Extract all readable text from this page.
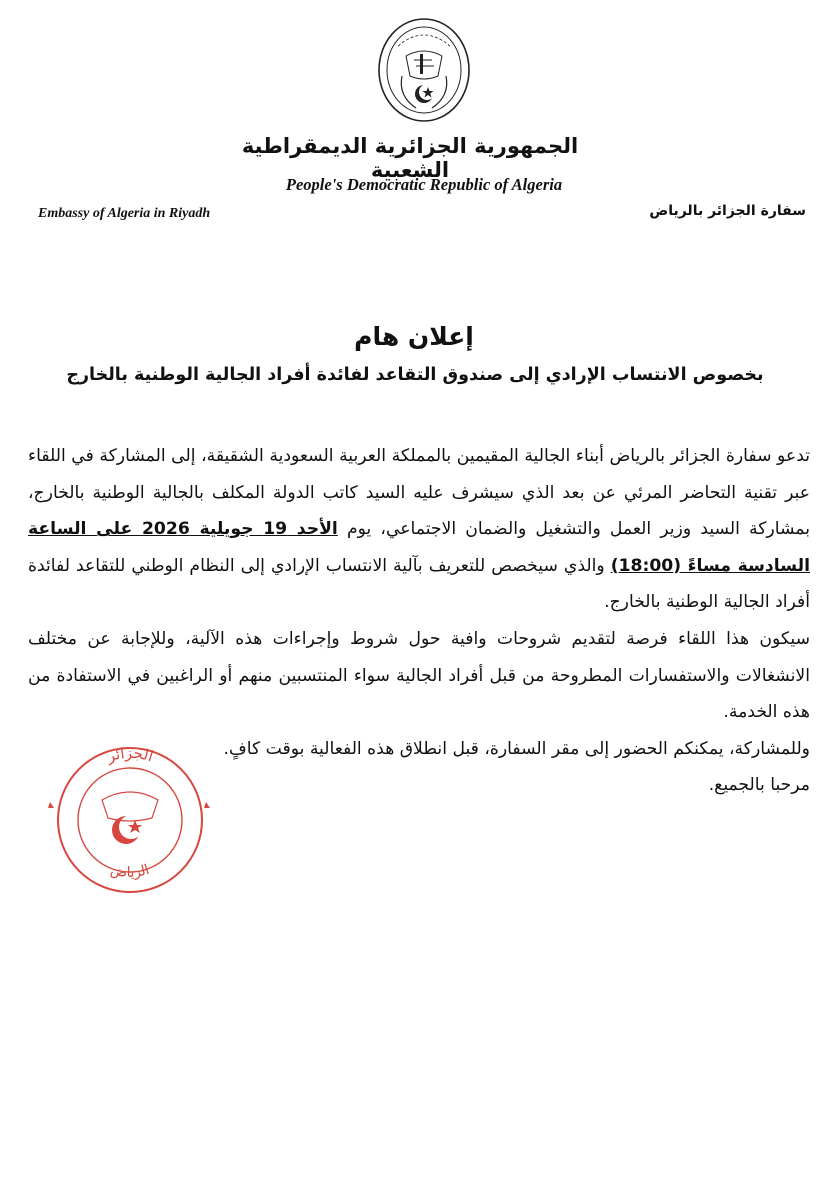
الجمهورية الجزائرية الديمقراطية الشعبية
People's Democratic Republic of Algeria
Embassy of Algeria in Riyadh	سفارة الجزائر بالرياض
إعلان هام
بخصوص الانتساب الإرادي إلى صندوق التقاعد لفائدة أفراد الجالية الوطنية بالخارج

تدعو سفارة الجزائر بالرياض أبناء الجالية المقيمين بالمملكة العربية السعودية الشقيقة، إلى المشاركة في اللقاء عبر تقنية التحاضر المرئي عن بعد الذي سيشرف عليه السيد كاتب الدولة المكلف بالجالية الوطنية بالخارج، بمشاركة السيد وزير العمل والتشغيل والضمان الاجتماعي، يوم الأحد 19 جويلية 2026 على الساعة السادسة مساءً (18:00) والذي سيخصص للتعريف بآلية الانتساب الإرادي إلى النظام الوطني للتقاعد لفائدة أفراد الجالية الوطنية بالخارج.

سيكون هذا اللقاء فرصة لتقديم شروحات وافية حول شروط وإجراءات هذه الآلية، وللإجابة عن مختلف الانشغالات والاستفسارات المطروحة من قبل أفراد الجالية سواء المنتسبين منهم أو الراغبين في الاستفادة من هذه الخدمة.

وللمشاركة، يمكنكم الحضور إلى مقر السفارة، قبل انطلاق هذه الفعالية بوقت كافٍ.

مرحبا بالجميع.

الجزائر
الرياض
